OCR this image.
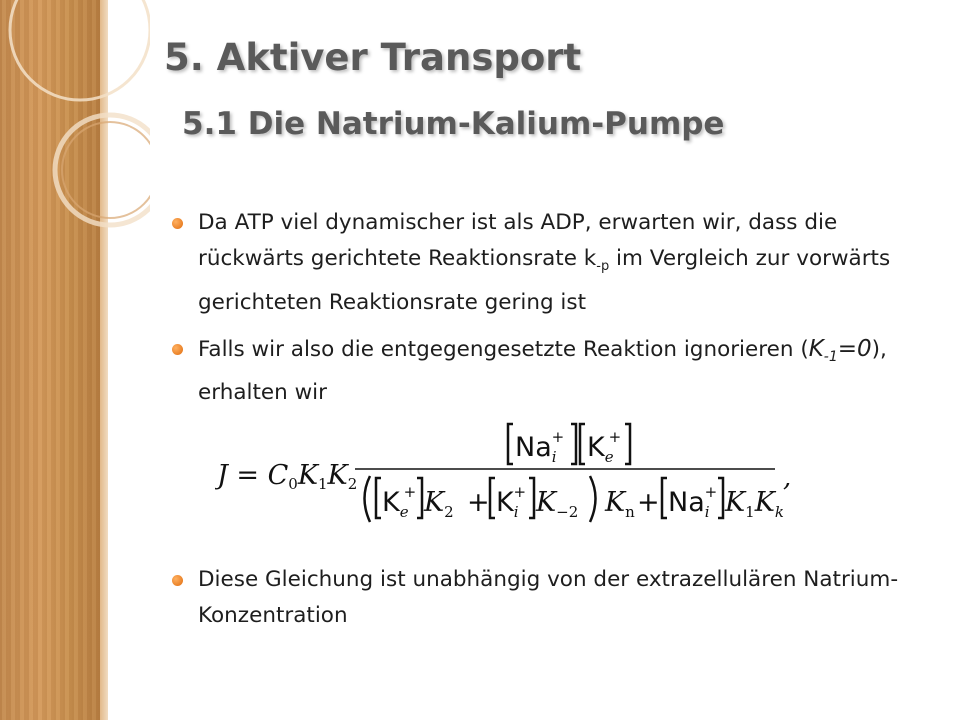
5. Aktiver Transport
5.1 Die Natrium-Kalium-Pumpe
Da ATP viel dynamischer ist als ADP, erwarten wir, dass die rückwärts gerichtete Reaktionsrate $k_{-p}$ im Vergleich zur vorwärts gerichteten Reaktionsrate gering ist
Falls wir also die entgegengesetzte Reaktion ignorieren $(K_{-1}=0)$, erhalten wir
Diese Gleichung ist unabhängig von der extrazellulären Natrium-Konzentration
J = C0K1K2
$Na_i+ K_e+$
$K_e+ K_2 + K_i+ K_{-2}$ $K_n + Na_i+ K_1K_k$
,
